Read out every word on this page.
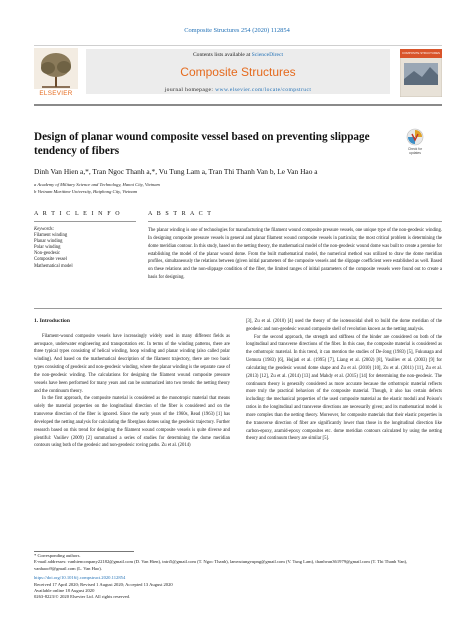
Composite Structures 254 (2020) 112854
ELSEVIER
Contents lists available at ScienceDirect
Composite Structures
journal homepage: www.elsevier.com/locate/compstruct
COMPOSITE STRUCTURES
Design of planar wound composite vessel based on preventing slippage tendency of fibers	Check for updates
Dinh Van Hien a,*, Tran Ngoc Thanh a,*, Vu Tung Lam a, Tran Thi Thanh Van b, Le Van Hao a
a Academy of Military Science and Technology, Hanoi City, Vietnam
b Vietnam Maritime University, Haiphong City, Vietnam
A R T I C L E I N F O	A B S T R A C T
Keywords:
Filament winding
Planar winding
Polar winding
Non-geodesic
Composite vessel
Mathematical model
The planar winding is one of technologies for manufacturing the filament wound composite pressure vessels, one unique type of the non-geodesic winding. In designing composite pressure vessels in general and planar filament wound composite vessels in particular, the most critical problem is determining the dome meridian contour. In this study, based on the netting theory, the mathematical model of the non-geodesic wound dome was built to create a premise for establishing the model of the planar wound dome. From the built mathematical model, the numerical method was utilized to draw the dome meridian profiles, simultaneously the relations between (given initial parameters of the composite vessels and the slippage coefficient were established as well. Based on these relations and the non-slippage condition of the fiber, the limited ranges of initial parameters of the composite vessels were found out to create a basis for designing.
1. Introduction

Filament-wound composite vessels have increasingly widely used in many different fields as aerospace, underwater engineering and transportation etc. In terms of the winding patterns, there are three typical types consisting of helical winding, hoop winding and planar winding (also called polar winding). And based on the mathematical description of the filament trajectory, there are two basic types consisting of geodesic and non-geodesic winding, where the planar winding is the separate case of the non-geodesic winding. The calculations for designing the filament wound composite pressure vessels have been performed for many years and can be summarized into two trends: the netting theory and the continuum theory.

In the first approach, the composite material is considered as the monotropic material that means solely the material properties on the longitudinal direction of the fiber is considered and on the transverse direction of the fiber is ignored. Since the early years of the 1960s, Read (1963) [1] has developed the netting analysis for calculating the fiberglass domes using the geodesic trajectory. Further research based on this trend for designing the filament wound composite vessels is quite diverse and plentiful: Vasiliev (2009) [2] summarized a series of studies for determining the dome meridian contours using both of the geodesic and non-geodesic roving paths. Zu et al. (2014)

[3], Zu et al. (2010) [4] used the theory of the isotensoidal shell to build the dome meridian of the geodesic and non-geodesic wound composite shell of revolution known as the netting analysis.

For the second approach, the strength and stiffness of the binder are considered on both of the longitudinal and transverse directions of the fiber. In this case, the composite material is considered as the orthotropic material. In this trend, it can mention the studies of De-Jong (1983) [5], Fukunaga and Uemura (1983) [6], Hojjati et al. (1995) [7], Liang et al. (2002) [8], Vasiliev et al. (2003) [9] for calculating the geodesic wound dome shape and Zu et al. (2010) [10], Zu et al. (2011) [11], Zu et al. (2013) [12], Zu et al. (2014) [13] and Mahdy et al. (2015) [14] for determining the non-geodesic. The continuum theory is generally considered as more accurate because the orthotropic material reflects more truly the practical behaviors of the composite material. Though, it also has certain defects including: the mechanical properties of the used composite material as the elastic moduli and Poison's ratios in the longitudinal and transverse directions are necessarily given; and its mathematical model is more complex than the netting theory. Moreover, for composite materials that their elastic properties in the transverse direction of fiber are significantly lower than those in the longitudinal direction like carbon-epoxy, aramid-epoxy composites etc. dome meridian contours calculated by using the netting theory and continuum theory are similar [5].

* Corresponding authors.
E-mail addresses: vanhienconpany22182@gmail.com (D. Van Hien), tntrt5@gmail.com (T. Ngoc Thanh), lamvutungvupng@gmail.com (V. Tung Lam), thanhvan361979@gmail.com (T. Thi Thanh Van), vanhaoo9@gmail.com (L. Van Hao).
https://doi.org/10.1016/j.compstruct.2020.112854
Received 17 April 2020; Revised 1 August 2020; Accepted 13 August 2020
Available online 18 August 2020
0263-8223/© 2020 Elsevier Ltd. All rights reserved.
